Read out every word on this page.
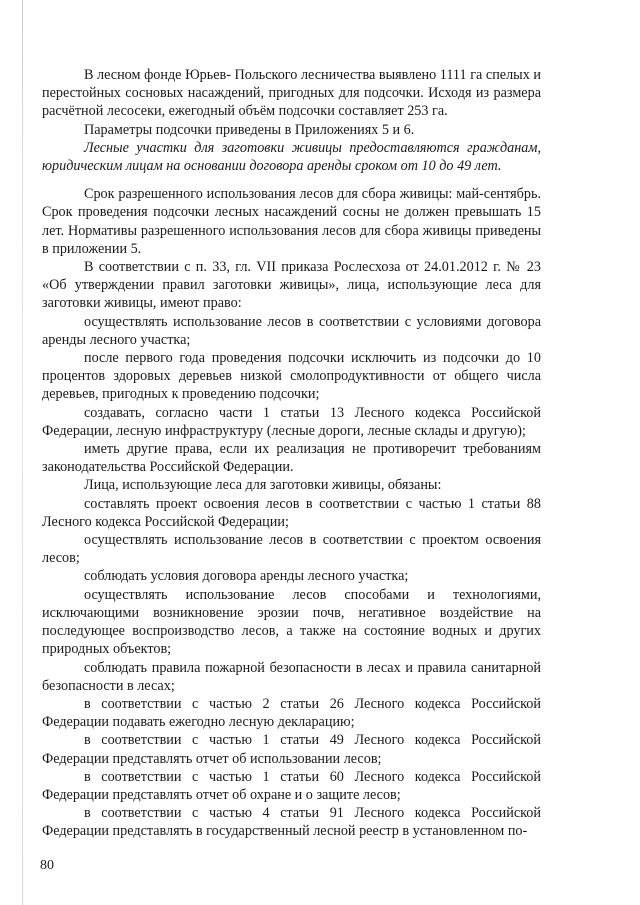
В лесном фонде Юрьев- Польского лесничества выявлено 1111 га спелых и перестойных сосновых насаждений, пригодных для подсочки. Исходя из размера расчётной лесосеки, ежегодный объём подсочки составляет 253 га.

Параметры подсочки приведены в Приложениях 5 и 6.

Лесные участки для заготовки живицы предоставляются гражданам, юридическим лицам на основании договора аренды сроком от 10 до 49 лет.

Срок разрешенного использования лесов для сбора живицы: май-сентябрь. Срок проведения подсочки лесных насаждений сосны не должен превышать 15 лет. Нормативы разрешенного использования лесов для сбора живицы приведены в приложении 5.

В соответствии с п. 33, гл. VII приказа Рослесхоза от 24.01.2012 г. № 23 «Об утверждении правил заготовки живицы», лица, использующие леса для заготовки живицы, имеют право:

осуществлять использование лесов в соответствии с условиями договора аренды лесного участка;

после первого года проведения подсочки исключить из подсочки до 10 процентов здоровых деревьев низкой смолопродуктивности от общего числа деревьев, пригодных к проведению подсочки;

создавать, согласно части 1 статьи 13 Лесного кодекса Российской Федерации, лесную инфраструктуру (лесные дороги, лесные склады и другую);

иметь другие права, если их реализация не противоречит требованиям законодательства Российской Федерации.

Лица, использующие леса для заготовки живицы, обязаны:

составлять проект освоения лесов в соответствии с частью 1 статьи 88 Лесного кодекса Российской Федерации;

осуществлять использование лесов в соответствии с проектом освоения лесов;

соблюдать условия договора аренды лесного участка;

осуществлять использование лесов способами и технологиями, исключающими возникновение эрозии почв, негативное воздействие на последующее воспроизводство лесов, а также на состояние водных и других природных объектов;

соблюдать правила пожарной безопасности в лесах и правила санитарной безопасности в лесах;

в соответствии с частью 2 статьи 26 Лесного кодекса Российской Федерации подавать ежегодно лесную декларацию;

в соответствии с частью 1 статьи 49 Лесного кодекса Российской Федерации представлять отчет об использовании лесов;

в соответствии с частью 1 статьи 60 Лесного кодекса Российской Федерации представлять отчет об охране и о защите лесов;

в соответствии с частью 4 статьи 91 Лесного кодекса Российской Федерации представлять в государственный лесной реестр в установленном по-

80
